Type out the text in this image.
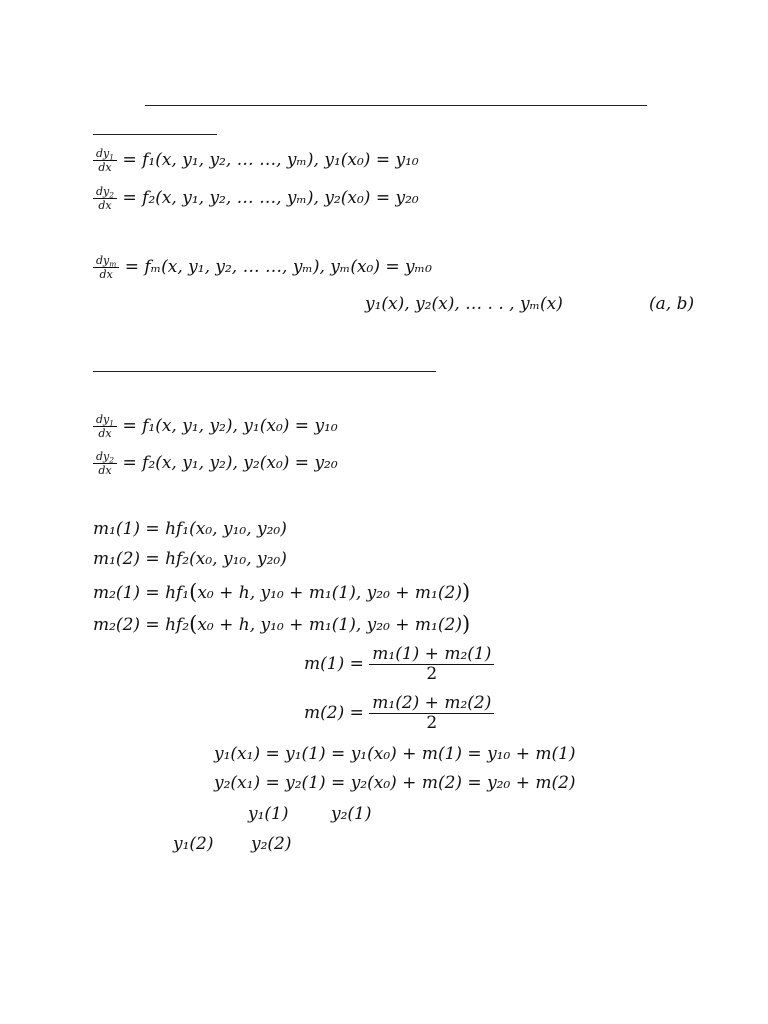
$\frac{dy_1}{dx} = f_1(x$, y₁, y₂, … …, yₘ), y₁(x₀) = y₁₀
$\frac{dy_2}{dx} = f_2(x$, y₁, y₂, … …, yₘ), y₂(x₀) = y₂₀
$\frac{dy_m}{dx} = f_m(x$, y₁, y₂, … …, yₘ), yₘ(x₀) = yₘ₀
y₁(x), y₂(x), … . . , yₘ(x)	(a, b)
$\frac{dy_1}{dx} = f_1(x$, y₁, y₂), y₁(x₀) = y₁₀
$\frac{dy_2}{dx} = f_2(x$, y₁, y₂), y₂(x₀) = y₂₀
m₁(1) = hf₁(x₀, y₁₀, y₂₀)
m₁(2) = hf₂(x₀, y₁₀, y₂₀)
m₂(1) = hf₁(x₀ + h, y₁₀ + m₁(1), y₂₀ + m₁(2))
m₂(2) = hf₂(x₀ + h, y₁₀ + m₁(1), y₂₀ + m₁(2))
$m(1) = \frac{\text{m₁(1) + m₂(1)}}{2}$
$m(2) = \frac{\text{m₁(2) + m₂(2)}}{2}$
y₁(x₁) = y₁(1) = y₁(x₀) + m(1) = y₁₀ + m(1)
y₂(x₁) = y₂(1) = y₂(x₀) + m(2) = y₂₀ + m(2)
y₁(1)	y₂(1)
y₁(2) y₂(2)
